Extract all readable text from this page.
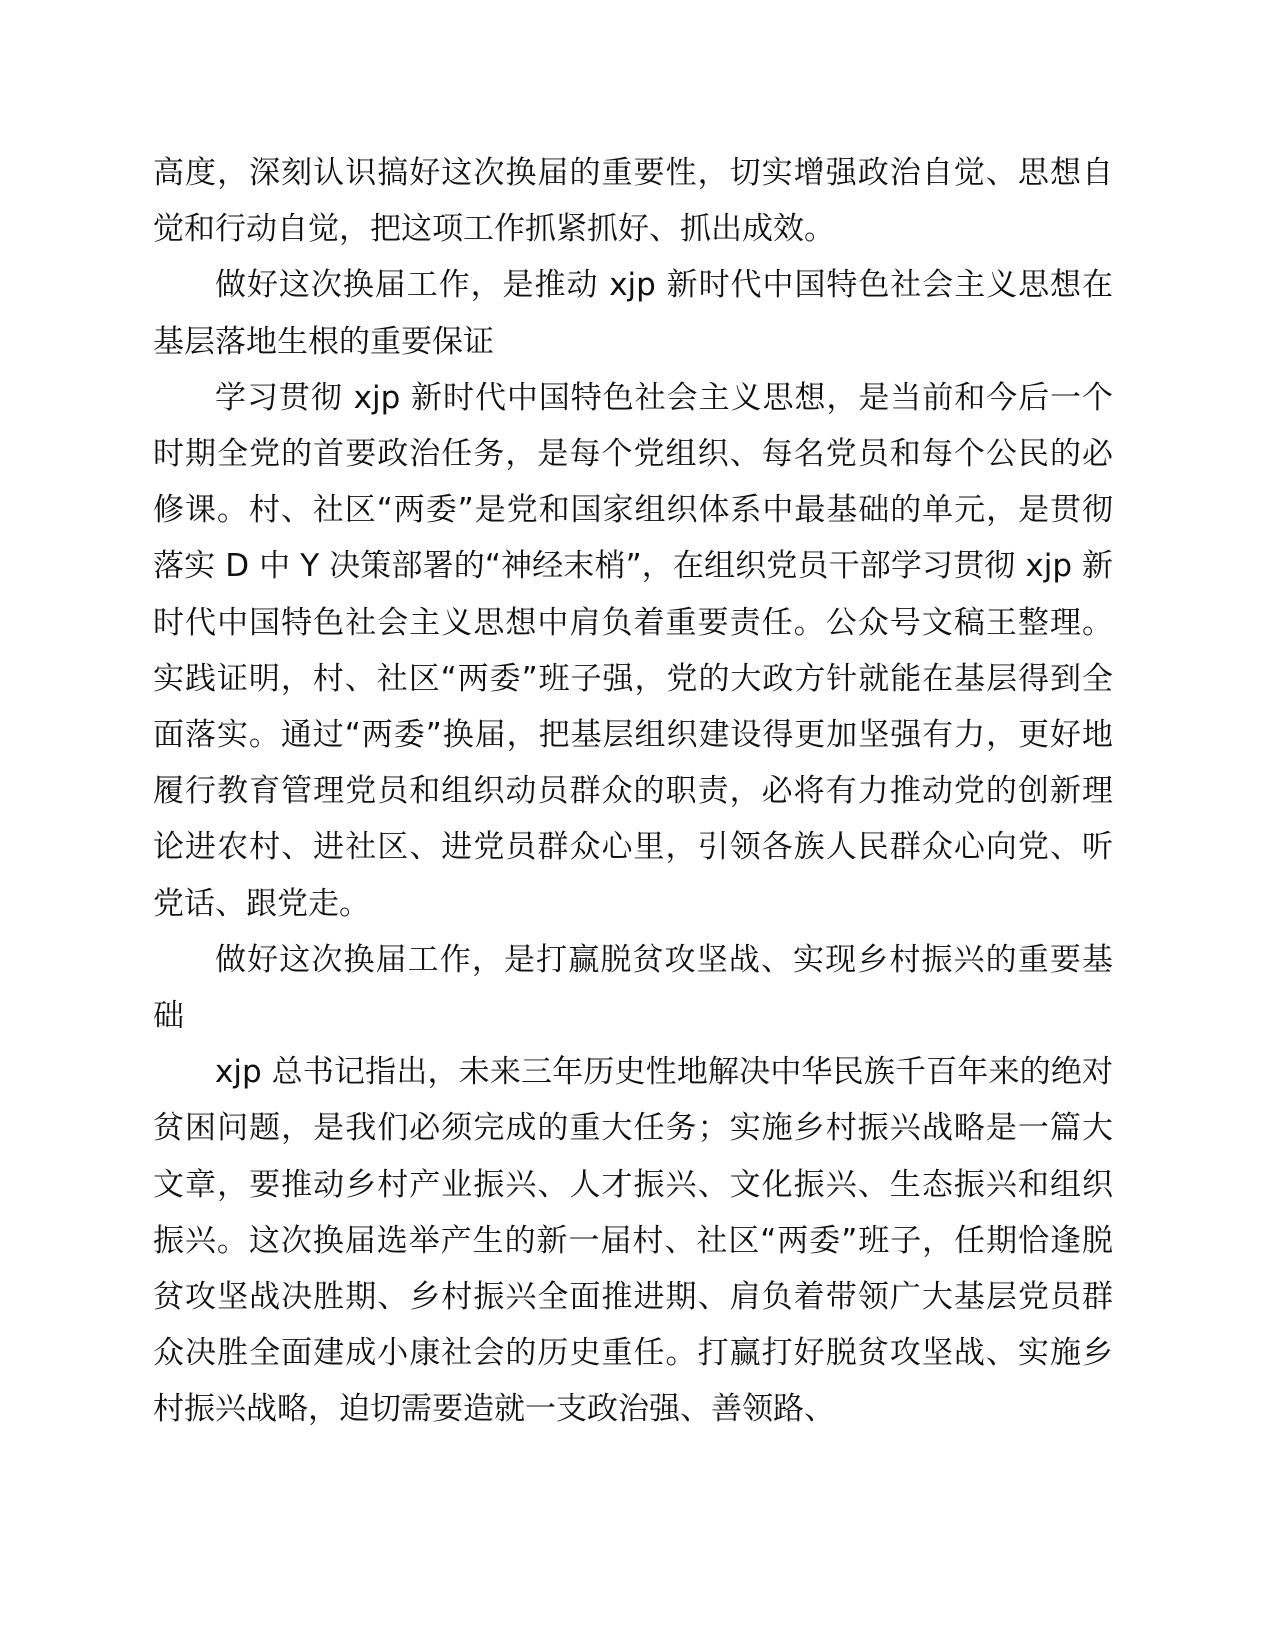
高度，深刻认识搞好这次换届的重要性，切实增强政治自觉、思想自觉和行动自觉，把这项工作抓紧抓好、抓出成效。

做好这次换届工作，是推动 xjp 新时代中国特色社会主义思想在基层落地生根的重要保证

学习贯彻 xjp 新时代中国特色社会主义思想，是当前和今后一个时期全党的首要政治任务，是每个党组织、每名党员和每个公民的必修课。村、社区“两委”是党和国家组织体系中最基础的单元，是贯彻落实 D 中 Y 决策部署的“神经末梢”，在组织党员干部学习贯彻 xjp 新时代中国特色社会主义思想中肩负着重要责任。公众号文稿王整理。实践证明，村、社区“两委”班子强，党的大政方针就能在基层得到全面落实。通过“两委”换届，把基层组织建设得更加坚强有力，更好地履行教育管理党员和组织动员群众的职责，必将有力推动党的创新理论进农村、进社区、进党员群众心里，引领各族人民群众心向党、听党话、跟党走。

做好这次换届工作，是打赢脱贫攻坚战、实现乡村振兴的重要基础

xjp 总书记指出，未来三年历史性地解决中华民族千百年来的绝对贫困问题，是我们必须完成的重大任务；实施乡村振兴战略是一篇大文章，要推动乡村产业振兴、人才振兴、文化振兴、生态振兴和组织振兴。这次换届选举产生的新一届村、社区“两委”班子，任期恰逢脱贫攻坚战决胜期、乡村振兴全面推进期、肩负着带领广大基层党员群众决胜全面建成小康社会的历史重任。打赢打好脱贫攻坚战、实施乡村振兴战略，迫切需要造就一支政治强、善领路、
